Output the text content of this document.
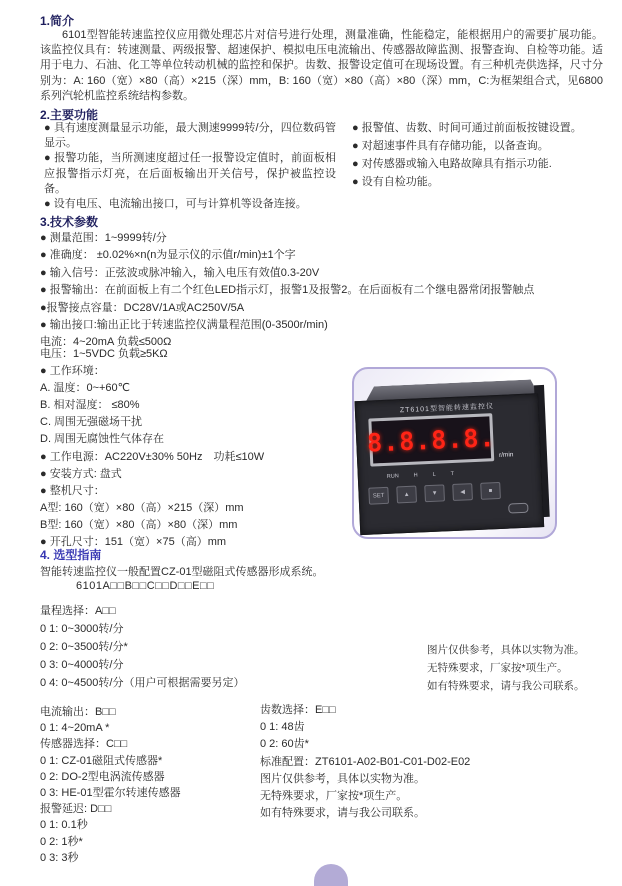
1.简介
6101型智能转速监控仪应用微处理芯片对信号进行处理，测量准确，性能稳定，能根据用户的需要扩展功能。该监控仪具有：转速测量、两级报警、超速保护、模拟电压电流输出、传感器故障监测、报警查询、自检等功能。适用于电力、石油、化工等单位转动机械的监控和保护。齿数、报警设定值可在现场设置。有三种机壳供选择，尺寸分别为：A: 160（宽）×80（高）×215（深）mm，B: 160（宽）×80（高）×80（深）mm，C:为框架组合式，见6800系列汽轮机监控系统结构参数。
2.主要功能

● 具有速度测量显示功能，最大测速9999转/分，四位数码管显示。

● 报警功能，当所测速度超过任一报警设定值时，前面板相应报警指示灯亮，在后面板输出开关信号，保护被监控设备。

● 设有电压、电流输出接口，可与计算机等设备连接。

● 报警值、齿数、时间可通过前面板按键设置。

● 对超速事件具有存储功能，以备查询。

● 对传感器或输入电路故障具有指示功能.

● 设有自检功能。

3.技术参数

● 测量范围：1~9999转/分

● 准确度： ±0.02%×n(n为显示仪的示值r/min)±1个字

● 输入信号：正弦波或脉冲输入，输入电压有效值0.3-20V

● 报警输出：在前面板上有二个红色LED指示灯，报警1及报警2。在后面板有二个继电器常闭报警触点

●报警接点容量：DC28V/1A或AC250V/5A

● 输出接口:输出正比于转速监控仪满量程范围(0-3500r/min)

电流：4~20mA 负载≤500Ω

电压：1~5VDC 负载≥5KΩ

● 工作环境：

A. 温度：0~+60℃

B. 相对湿度： ≤80%

C. 周围无强磁场干扰

D. 周围无腐蚀性气体存在

● 工作电源：AC220V±30% 50Hz　功耗≤10W

● 安装方式: 盘式

● 整机尺寸：

A型: 160（宽）×80（高）×215（深）mm

B型: 160（宽）×80（高）×80（深）mm

● 开孔尺寸：151（宽）×75（高）mm

ZT6101型智能转速监控仪
8.8.8.8. r/min
RUN	H	L	T
SET	▲	▼	◀	■
4. 选型指南
智能转速监控仪一般配置CZ-01型磁阻式传感器形成系统。
6101A□□B□□C□□D□□E□□

量程选择：A□□

0 1: 0~3000转/分

0 2: 0~3500转/分*

0 3: 0~4000转/分

0 4: 0~4500转/分（用户可根据需要另定）

电流输出：B□□

0 1: 4~20mA *

传感器选择：C□□

0 1: CZ-01磁阻式传感器*

0 2: DO-2型电涡流传感器

0 3: HE-01型霍尔转速传感器

报警延迟: D□□

0 1: 0.1秒

0 2: 1秒*

0 3: 3秒

齿数选择：E□□

0 1: 48齿

0 2: 60齿*

标准配置：ZT6101-A02-B01-C01-D02-E02

图片仅供参考，具体以实物为准。

无特殊要求，厂家按*项生产。

如有特殊要求，请与我公司联系。

图片仅供参考，具体以实物为准。

无特殊要求，厂家按*项生产。

如有特殊要求，请与我公司联系。
